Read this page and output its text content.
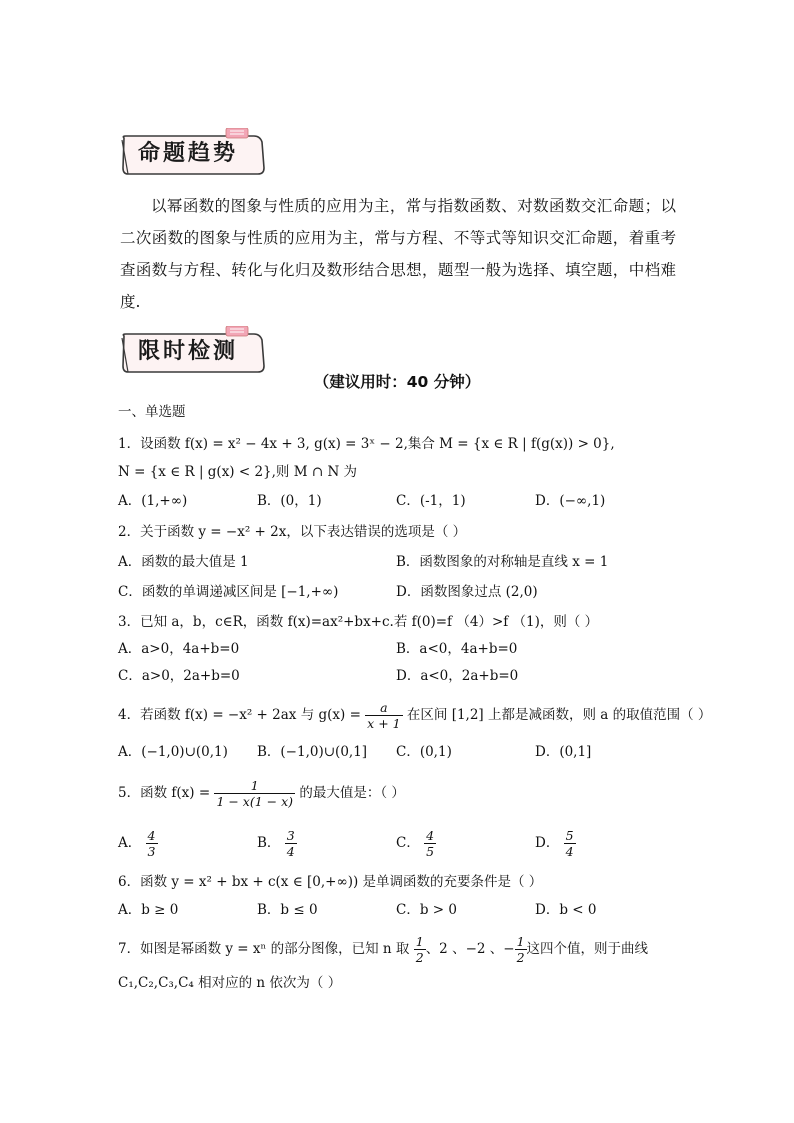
命题趋势
以幂函数的图象与性质的应用为主，常与指数函数、对数函数交汇命题；以二次函数的图象与性质的应用为主，常与方程、不等式等知识交汇命题，着重考查函数与方程、转化与化归及数形结合思想，题型一般为选择、填空题，中档难度.
限时检测
（建议用时：40 分钟）
一、单选题
1．设函数 f(x) = x² − 4x + 3, g(x) = 3ˣ − 2,集合 M = {x ∈ R | f(g(x)) > 0},
N = {x ∈ R | g(x) < 2},则 M ∩ N 为
A．(1,+∞)	B．(0，1)	C．(-1，1)	D．(−∞,1)
2．关于函数 y = −x² + 2x，以下表达错误的选项是（ ）
A．函数的最大值是 1	B．函数图象的对称轴是直线 x = 1
C．函数的单调递减区间是 [−1,+∞)	D．函数图象过点 (2,0)
3．已知 a，b，c∈R，函数 f(x)=ax²+bx+c.若 f(0)=f （4）>f （1)，则（ ）
A．a>0，4a+b=0	B．a<0，4a+b=0
C．a>0，2a+b=0	D．a<0，2a+b=0
4．若函数 f(x) = −x² + 2ax 与 $g(x) = \frac{a}{x + 1}$ 在区间 [1,2] 上都是减函数，则 a 的取值范围（ ）
A．(−1,0)∪(0,1) B．(−1,0)∪(0,1] C．(0,1)	D．(0,1]
5．函数 $f(x) = \frac{1}{1 - x(1 - x)}$ 的最大值是：（ ）
A． $\frac{4}{3}$	B． $\frac{3}{4}$	C． $\frac{4}{5}$	D． $\frac{5}{4}$
6．函数 y = x² + bx + c(x ∈ [0,+∞)) 是单调函数的充要条件是（ ）
A．b ≥ 0	B．b ≤ 0	C．b > 0	D．b < 0
7．如图是幂函数 y = xⁿ 的部分图像，已知 n 取 $\frac{1}{2}$ 、2 、−2 、− $\frac{1}{2}$ 这四个值，则于曲线
C₁,C₂,C₃,C₄ 相对应的 n 依次为（ ）
